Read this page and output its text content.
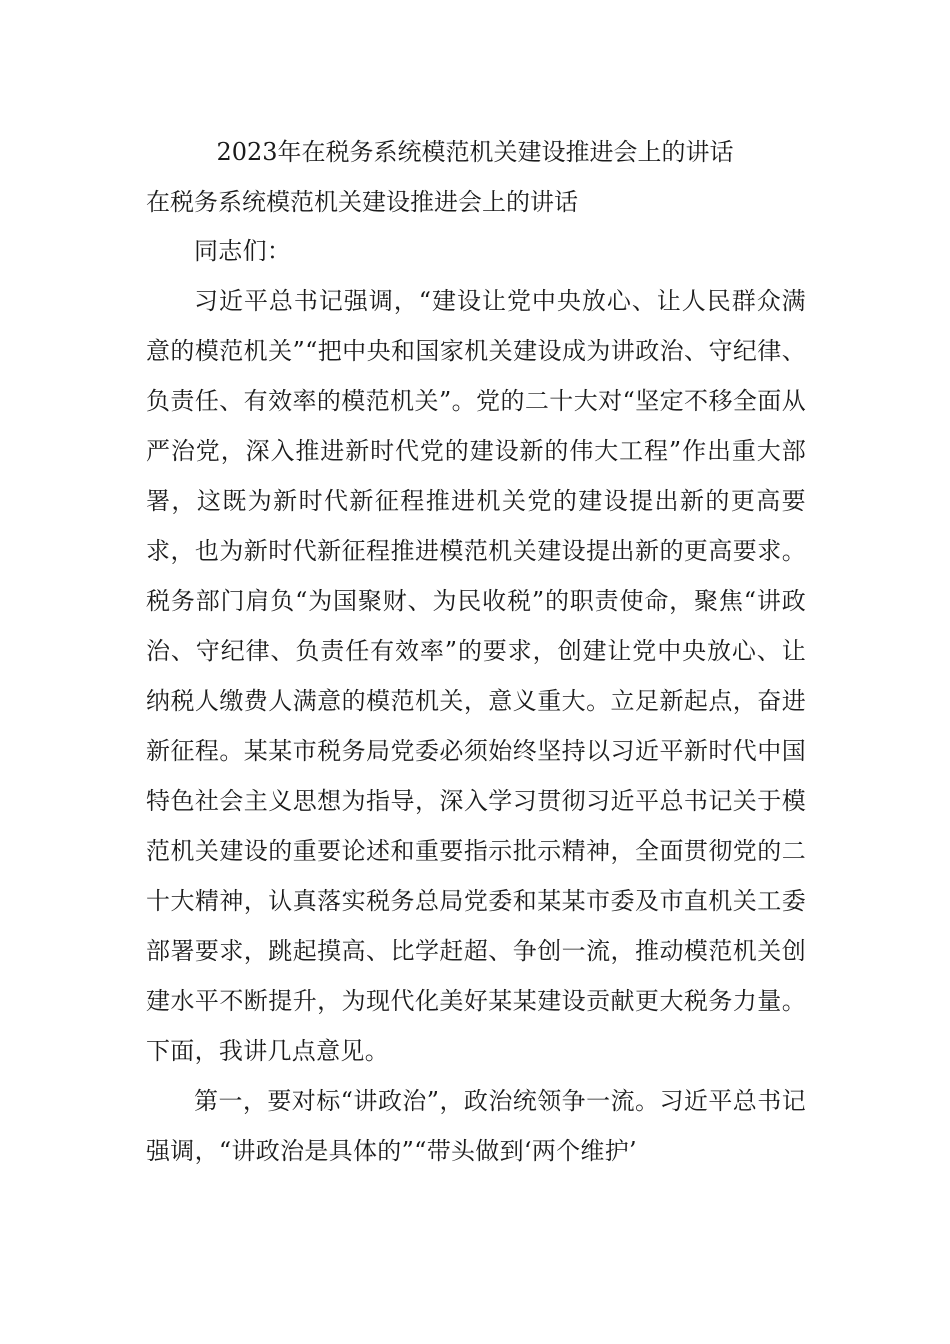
2023年在税务系统模范机关建设推进会上的讲话
在税务系统模范机关建设推进会上的讲话

同志们：

习近平总书记强调，“建设让党中央放心、让人民群众满意的模范机关”“把中央和国家机关建设成为讲政治、守纪律、负责任、有效率的模范机关”。党的二十大对“坚定不移全面从严治党，深入推进新时代党的建设新的伟大工程”作出重大部署，这既为新时代新征程推进机关党的建设提出新的更高要求，也为新时代新征程推进模范机关建设提出新的更高要求。税务部门肩负“为国聚财、为民收税”的职责使命，聚焦“讲政治、守纪律、负责任有效率”的要求，创建让党中央放心、让纳税人缴费人满意的模范机关，意义重大。立足新起点，奋进新征程。某某市税务局党委必须始终坚持以习近平新时代中国特色社会主义思想为指导，深入学习贯彻习近平总书记关于模范机关建设的重要论述和重要指示批示精神，全面贯彻党的二十大精神，认真落实税务总局党委和某某市委及市直机关工委部署要求，跳起摸高、比学赶超、争创一流，推动模范机关创建水平不断提升，为现代化美好某某建设贡献更大税务力量。下面，我讲几点意见。

第一，要对标“讲政治”，政治统领争一流。习近平总书记强调，“讲政治是具体的”“带头做到‘两个维护’
